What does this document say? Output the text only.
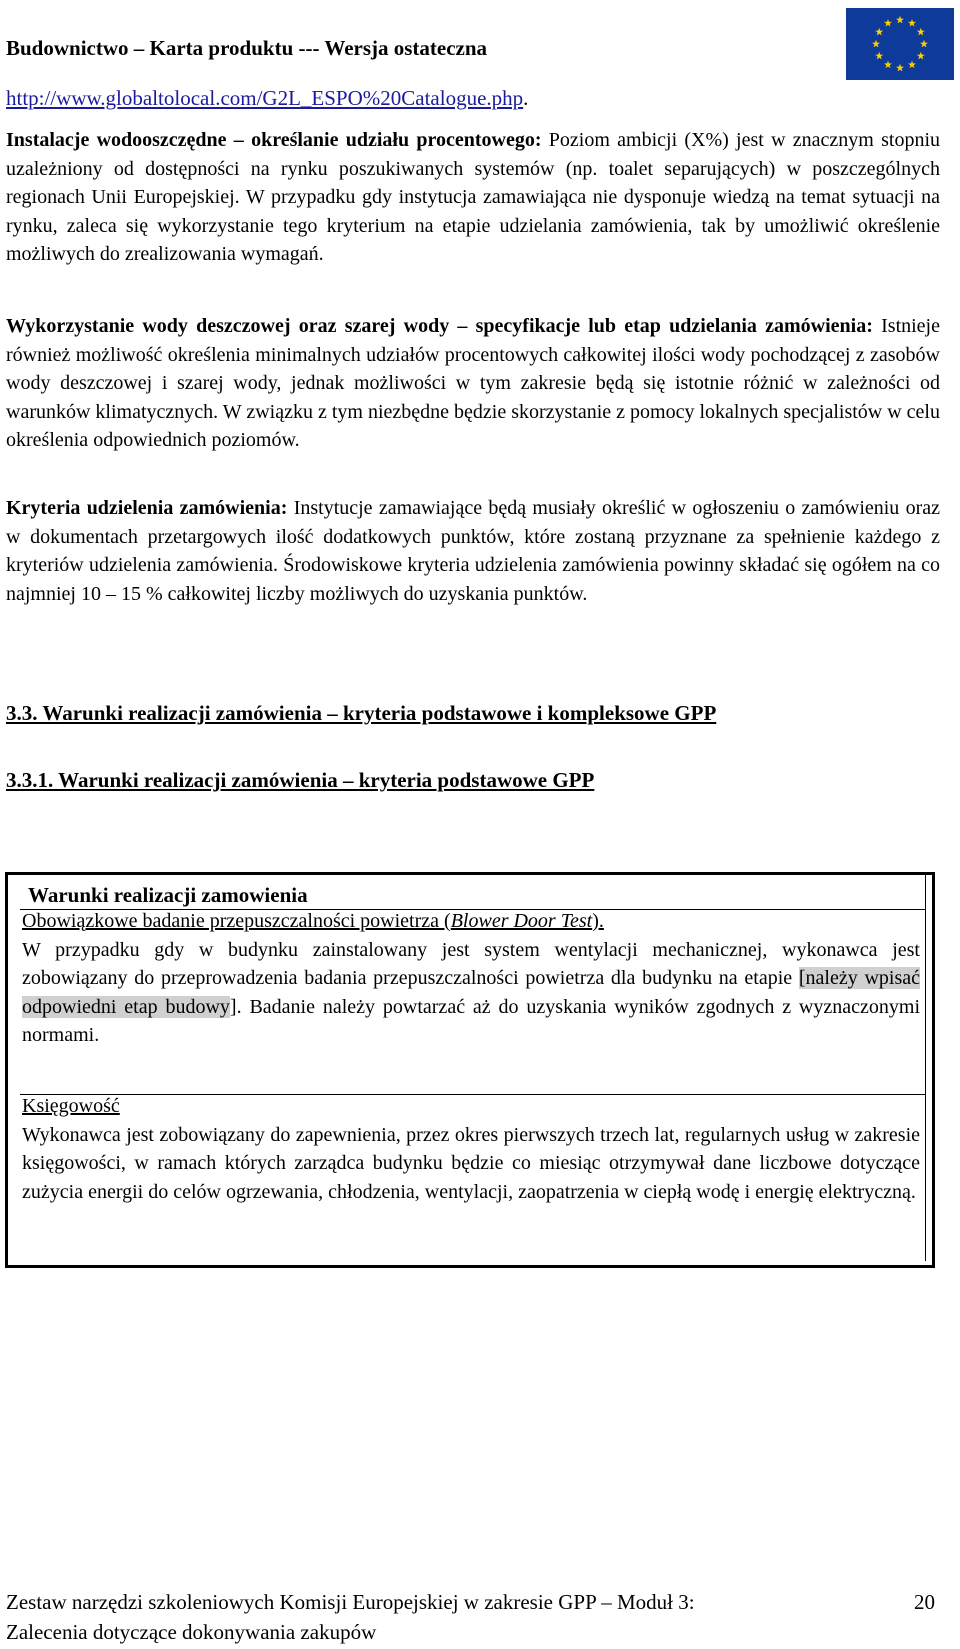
Budownictwo – Karta produktu --- Wersja ostateczna
http://www.globaltolocal.com/G2L_ESPO%20Catalogue.php.
Instalacje wodooszczędne – określanie udziału procentowego: Poziom ambicji (X%) jest w znacznym stopniu uzależniony od dostępności na rynku poszukiwanych systemów (np. toalet separujących) w poszczególnych regionach Unii Europejskiej. W przypadku gdy instytucja zamawiająca nie dysponuje wiedzą na temat sytuacji na rynku, zaleca się wykorzystanie tego kryterium na etapie udzielania zamówienia, tak by umożliwić określenie możliwych do zrealizowania wymagań.
Wykorzystanie wody deszczowej oraz szarej wody – specyfikacje lub etap udzielania zamówienia: Istnieje również możliwość określenia minimalnych udziałów procentowych całkowitej ilości wody pochodzącej z zasobów wody deszczowej i szarej wody, jednak możliwości w tym zakresie będą się istotnie różnić w zależności od warunków klimatycznych. W związku z tym niezbędne będzie skorzystanie z pomocy lokalnych specjalistów w celu określenia odpowiednich poziomów.
Kryteria udzielenia zamówienia: Instytucje zamawiające będą musiały określić w ogłoszeniu o zamówieniu oraz w dokumentach przetargowych ilość dodatkowych punktów, które zostaną przyznane za spełnienie każdego z kryteriów udzielenia zamówienia. Środowiskowe kryteria udzielenia zamówienia powinny składać się ogółem na co najmniej 10 – 15 % całkowitej liczby możliwych do uzyskania punktów.
3.3. Warunki realizacji zamówienia – kryteria podstawowe i kompleksowe GPP
3.3.1. Warunki realizacji zamówienia – kryteria podstawowe GPP
Warunki realizacji zamowienia
Obowiązkowe badanie przepuszczalności powietrza (Blower Door Test).
W przypadku gdy w budynku zainstalowany jest system wentylacji mechanicznej, wykonawca jest zobowiązany do przeprowadzenia badania przepuszczalności powietrza dla budynku na etapie [należy wpisać odpowiedni etap budowy]. Badanie należy powtarzać aż do uzyskania wyników zgodnych z wyznaczonymi normami.
Księgowość
Wykonawca jest zobowiązany do zapewnienia, przez okres pierwszych trzech lat, regularnych usług w zakresie księgowości, w ramach których zarządca budynku będzie co miesiąc otrzymywał dane liczbowe dotyczące zużycia energii do celów ogrzewania, chłodzenia, wentylacji, zaopatrzenia w ciepłą wodę i energię elektryczną.
Zestaw narzędzi szkoleniowych Komisji Europejskiej w zakresie GPP – Moduł 3:
Zalecenia dotyczące dokonywania zakupów
20
